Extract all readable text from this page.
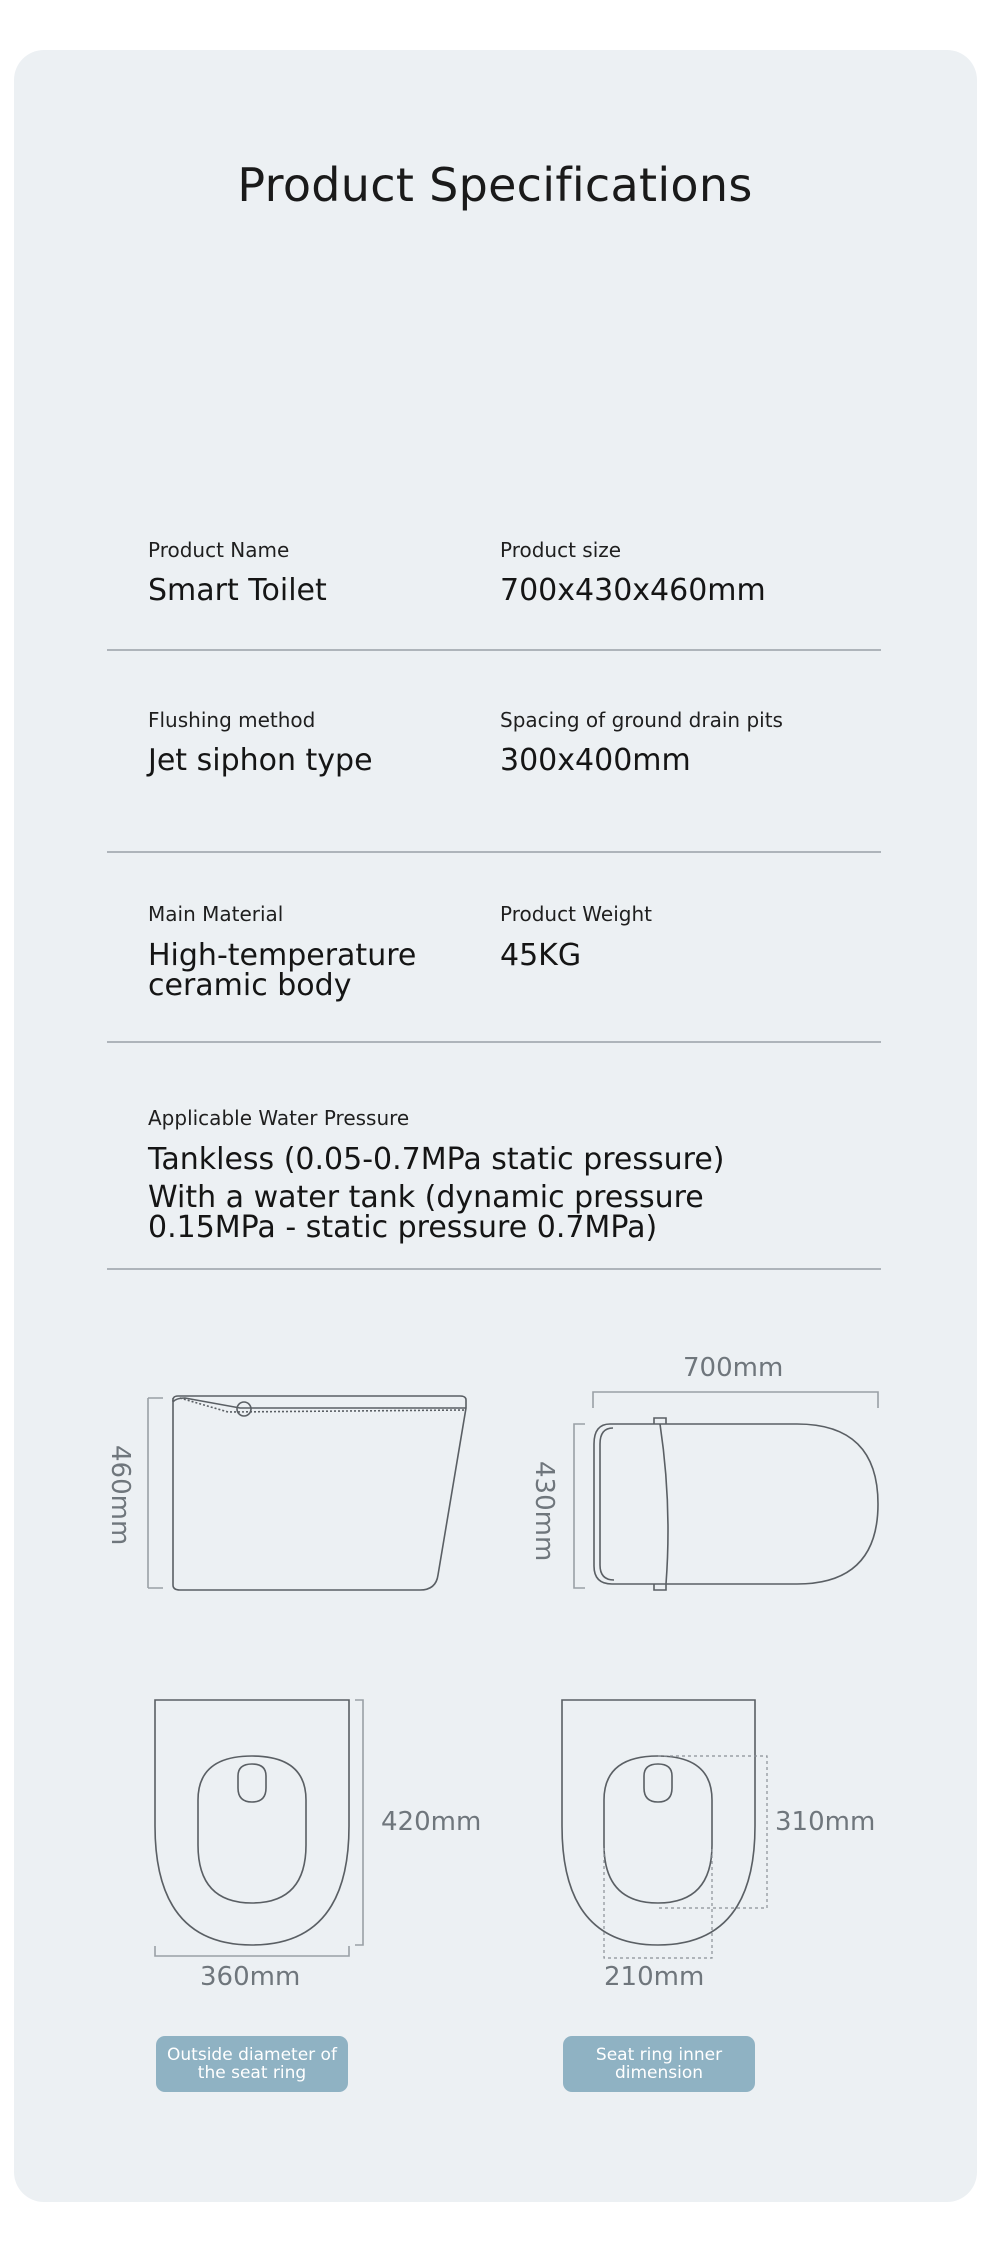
Product Specifications
Product Name
Smart Toilet
Product size
700x430x460mm
Flushing method
Jet siphon type
Spacing of ground drain pits
300x400mm
Main Material
High-temperature
ceramic body
Product Weight
45KG
Applicable Water Pressure
Tankless (0.05-0.7MPa static pressure)
With a water tank (dynamic pressure
0.15MPa - static pressure 0.7MPa)
460mm
700mm
430mm
420mm
360mm
310mm
210mm
Outside diameter of
the seat ring
Seat ring inner
dimension
